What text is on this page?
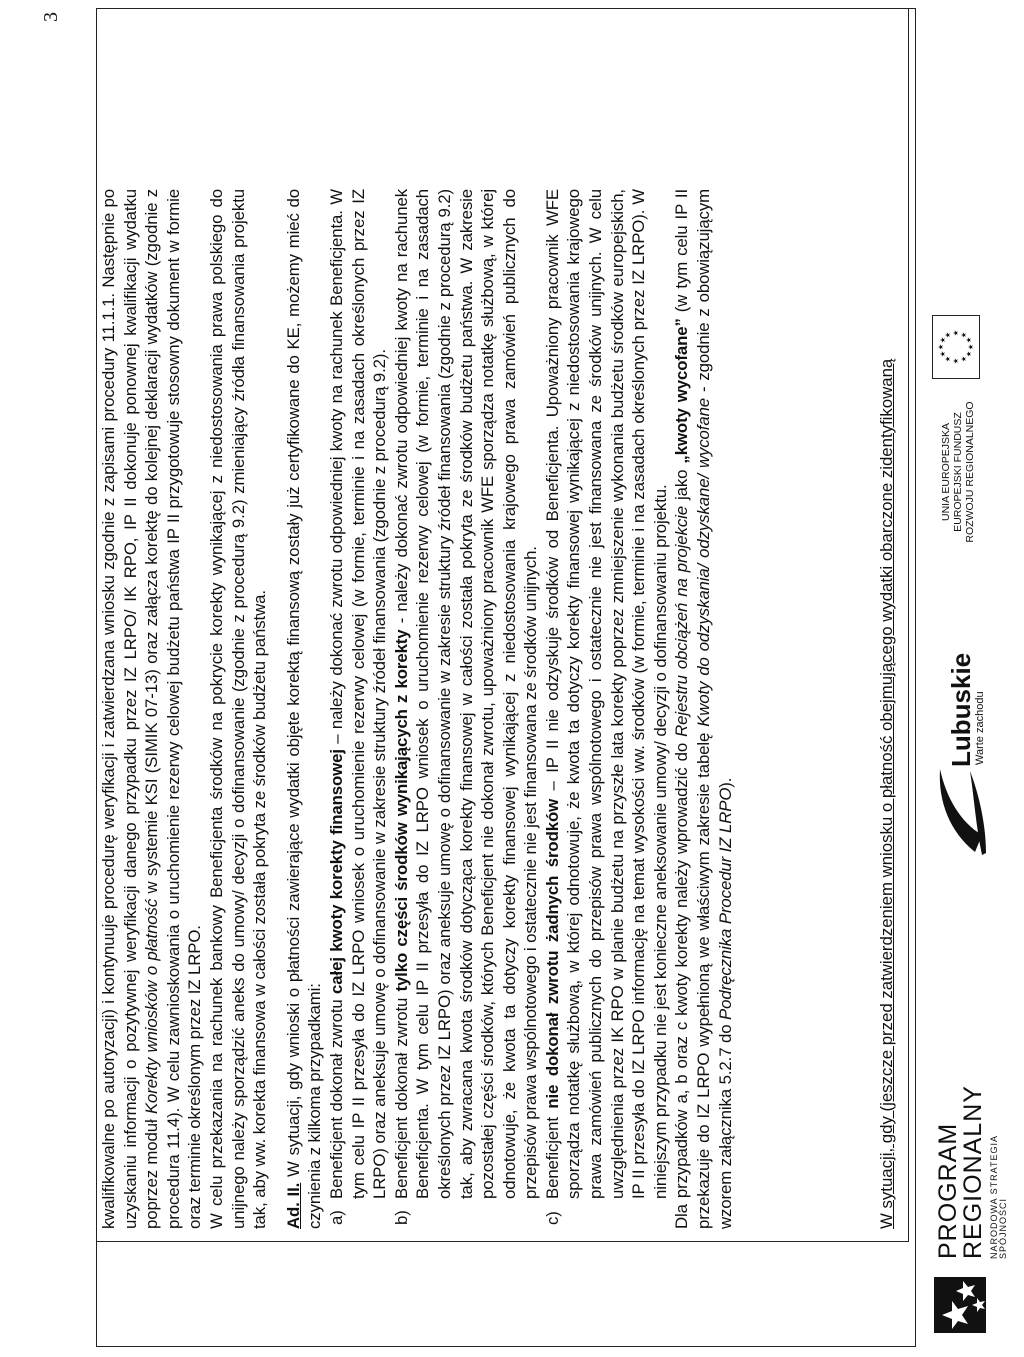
3

kwalifikowalne po autoryzacji) i kontynuuje procedurę weryfikacji i zatwierdzana wniosku zgodnie z zapisami procedury 11.1.1. Następnie po uzyskaniu informacji o pozytywnej weryfikacji danego przypadku przez IZ LRPO/ IK RPO, IP II dokonuje ponownej kwalifikacji wydatku poprzez moduł Korekty wniosków o płatność w systemie KSI (SIMIK 07-13) oraz załącza korektę do kolejnej deklaracji wydatków (zgodnie z procedura 11.4). W celu zawnioskowania o uruchomienie rezerwy celowej budżetu państwa IP II przygotowuje stosowny dokument w formie oraz terminie określonym przez IZ LRPO. W celu przekazania na rachunek bankowy Beneficjenta środków na pokrycie korekty wynikającej z niedostosowania prawa polskiego do unijnego należy sporządzić aneks do umowy/ decyzji o dofinansowanie (zgodnie z procedurą 9.2) zmieniający źródła finansowania projektu tak, aby ww. korekta finansowa w całości została pokryta ze środków budżetu państwa. Ad. II. W sytuacji, gdy wnioski o płatności zawierające wydatki objęte korektą finansową zostały już certyfikowane do KE, możemy mieć do czynienia z kilkoma przypadkami: a)
Beneficjent dokonał zwrotu całej kwoty korekty finansowej – należy dokonać zwrotu odpowiedniej kwoty na rachunek Beneficjenta. W tym celu IP II przesyła do IZ LRPO wniosek o uruchomienie rezerwy celowej (w formie, terminie i na zasadach określonych przez IZ LRPO) oraz aneksuje umowę o dofinansowanie w zakresie struktury źródeł finansowania (zgodnie z procedurą 9.2).
b)
Beneficjent dokonał zwrotu tylko części środków wynikających z korekty - należy dokonać zwrotu odpowiedniej kwoty na rachunek Beneficjenta. W tym celu IP II przesyła do IZ LRPO wniosek o uruchomienie rezerwy celowej (w formie, terminie i na zasadach określonych przez IZ LRPO) oraz aneksuje umowę o dofinansowanie w zakresie struktury źródeł finansowania (zgodnie z procedurą 9.2) tak, aby zwracana kwota środków dotycząca korekty finansowej w całości została pokryta ze środków budżetu państwa. W zakresie pozostałej części środków, których Beneficjent nie dokonał zwrotu, upoważniony pracownik WFE sporządza notatkę służbową, w której odnotowuje, że kwota ta dotyczy korekty finansowej wynikającej z niedostosowania krajowego prawa zamówień publicznych do przepisów prawa wspólnotowego i ostatecznie nie jest finansowana ze środków unijnych.
c)
Beneficjent nie dokonał zwrotu żadnych środków – IP II nie odzyskuje środków od Beneficjenta. Upoważniony pracownik WFE sporządza notatkę służbową, w której odnotowuje, że kwota ta dotyczy korekty finansowej wynikającej z niedostosowania krajowego prawa zamówień publicznych do przepisów prawa wspólnotowego i ostatecznie nie jest finansowana ze środków unijnych. W celu uwzględnienia przez IK RPO w planie budżetu na przyszłe lata korekty poprzez zmniejszenie wykonania budżetu środków europejskich, IP II przesyła do IZ LRPO informację na temat wysokości ww. środków (w formie, terminie i na zasadach określonych przez IZ LRPO). W niniejszym przypadku nie jest konieczne aneksowanie umowy/ decyzji o dofinansowaniu projektu. Dla przypadków a, b oraz c kwoty korekty należy wprowadzić do Rejestru obciążeń na projekcie jako „kwoty wycofane” (w tym celu IP II przekazuje do IZ LRPO wypełnioną we właściwym zakresie tabelę Kwoty do odzyskania/ odzyskane/ wycofane - zgodnie z obowiązującym wzorem załącznika 5.2.7 do Podręcznika Procedur IZ LRPO).	W sytuacji, gdy (jeszcze przed zatwierdzeniem wniosku o płatność obejmującego wydatki obarczone zidentyfikowaną PROGRAM
REGIONALNY NARODOWA STRATEGIA SPÓJNOŚCI
Lubuskie
Warte zachodu
UNIA EUROPEJSKA EUROPEJSKI FUNDUSZ ROZWOJU REGIONALNEGO
★
★
★ ★ ★
★
★
★
★
★
★
★
